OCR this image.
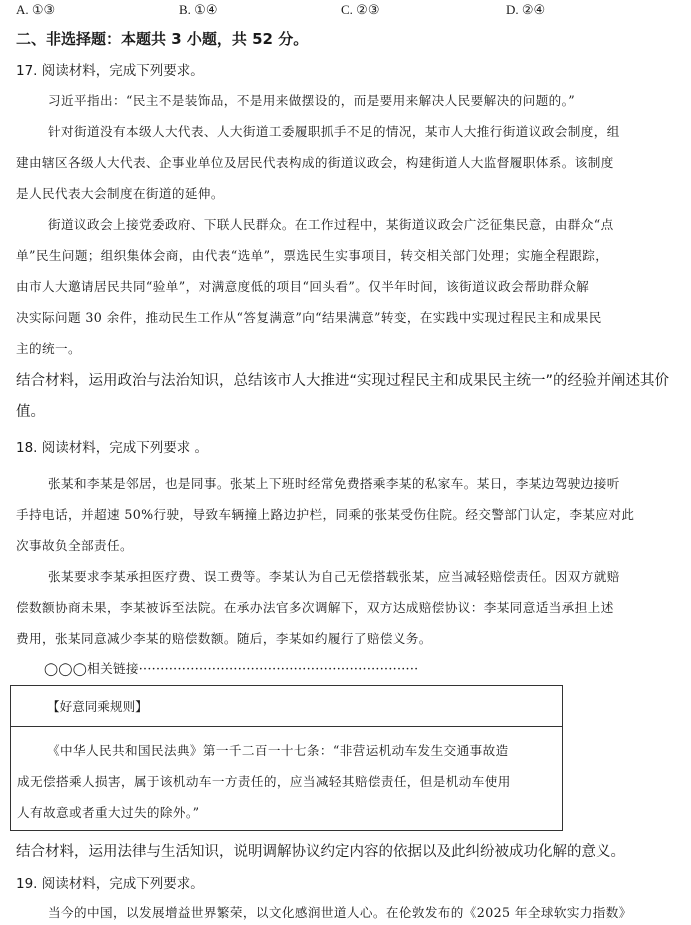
A. ①③	B. ①④	C. ②③	D. ②④
二、非选择题：本题共 3 小题，共 52 分。
17. 阅读材料，完成下列要求。
习近平指出：“民主不是装饰品，不是用来做摆设的，而是要用来解决人民要解决的问题的。”
针对街道没有本级人大代表、人大街道工委履职抓手不足的情况，某市人大推行街道议政会制度，组
建由辖区各级人大代表、企事业单位及居民代表构成的街道议政会，构建街道人大监督履职体系。该制度
是人民代表大会制度在街道的延伸。
街道议政会上接党委政府、下联人民群众。在工作过程中，某街道议政会广泛征集民意，由群众“点
单”民生问题；组织集体会商，由代表“选单”，票选民生实事项目，转交相关部门处理；实施全程跟踪，
由市人大邀请居民共同“验单”，对满意度低的项目“回头看”。仅半年时间，该街道议政会帮助群众解
决实际问题 30 余件，推动民生工作从“答复满意”向“结果满意”转变，在实践中实现过程民主和成果民
主的统一。
结合材料，运用政治与法治知识，总结该市人大推进“实现过程民主和成果民主统一”的经验并阐述其价
值。
18. 阅读材料，完成下列要求 。
张某和李某是邻居，也是同事。张某上下班时经常免费搭乘李某的私家车。某日，李某边驾驶边接听
手持电话，并超速 50%行驶，导致车辆撞上路边护栏，同乘的张某受伤住院。经交警部门认定，李某应对此
次事故负全部责任。
张某要求李某承担医疗费、误工费等。李某认为自己无偿搭载张某，应当减轻赔偿责任。因双方就赔
偿数额协商未果，李某被诉至法院。在承办法官多次调解下，双方达成赔偿协议：李某同意适当承担上述
费用，张某同意减少李某的赔偿数额。随后，李某如约履行了赔偿义务。
◯◯◯相关链接·································································
【好意同乘规则】
《中华人民共和国民法典》第一千二百一十七条：“非营运机动车发生交通事故造
成无偿搭乘人损害，属于该机动车一方责任的，应当减轻其赔偿责任，但是机动车使用
人有故意或者重大过失的除外。”
结合材料，运用法律与生活知识，说明调解协议约定内容的依据以及此纠纷被成功化解的意义。
19. 阅读材料，完成下列要求。
当今的中国，以发展增益世界繁荣，以文化感润世道人心。在伦敦发布的《2025 年全球软实力指数》
